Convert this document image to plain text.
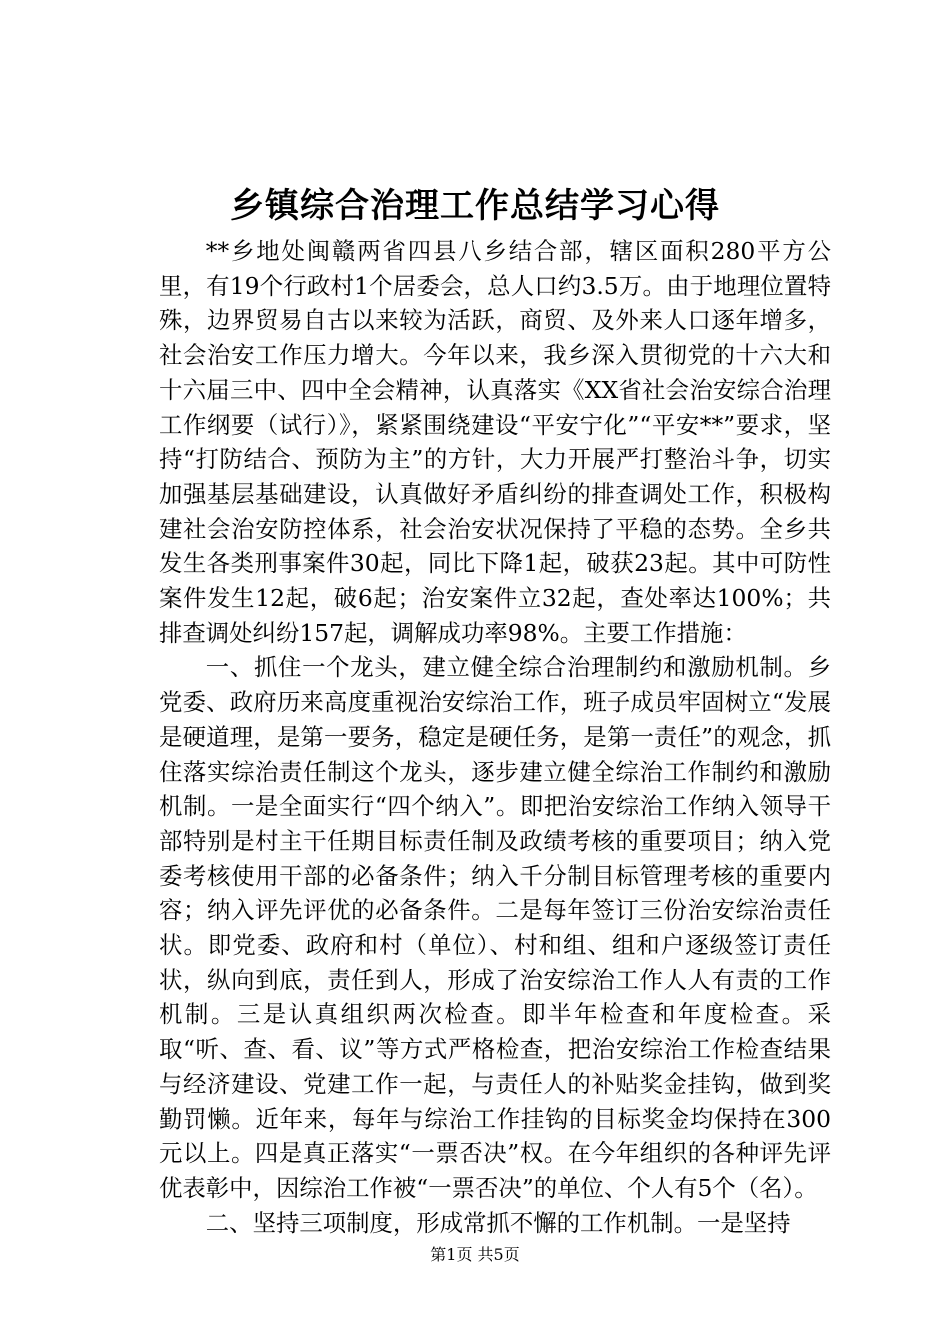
乡镇综合治理工作总结学习心得

**乡地处闽赣两省四县八乡结合部，辖区面积280平方公里，有19个行政村1个居委会，总人口约3.5万。由于地理位置特殊，边界贸易自古以来较为活跃，商贸、及外来人口逐年增多，社会治安工作压力增大。今年以来，我乡深入贯彻党的十六大和十六届三中、四中全会精神，认真落实《XX省社会治安综合治理工作纲要（试行）》，紧紧围绕建设“平安宁化”“平安**”要求，坚持“打防结合、预防为主”的方针，大力开展严打整治斗争，切实加强基层基础建设，认真做好矛盾纠纷的排查调处工作，积极构建社会治安防控体系，社会治安状况保持了平稳的态势。全乡共发生各类刑事案件30起，同比下降1起，破获23起。其中可防性案件发生12起，破6起；治安案件立32起，查处率达100%；共排查调处纠纷157起，调解成功率98%。主要工作措施：

一、抓住一个龙头，建立健全综合治理制约和激励机制。乡党委、政府历来高度重视治安综治工作，班子成员牢固树立“发展是硬道理，是第一要务，稳定是硬任务，是第一责任”的观念，抓住落实综治责任制这个龙头，逐步建立健全综治工作制约和激励机制。一是全面实行“四个纳入”。即把治安综治工作纳入领导干部特别是村主干任期目标责任制及政绩考核的重要项目；纳入党委考核使用干部的必备条件；纳入千分制目标管理考核的重要内容；纳入评先评优的必备条件。二是每年签订三份治安综治责任状。即党委、政府和村（单位）、村和组、组和户逐级签订责任状，纵向到底，责任到人，形成了治安综治工作人人有责的工作机制。三是认真组织两次检查。即半年检查和年度检查。采取“听、查、看、议”等方式严格检查，把治安综治工作检查结果与经济建设、党建工作一起，与责任人的补贴奖金挂钩，做到奖勤罚懒。近年来，每年与综治工作挂钩的目标奖金均保持在300元以上。四是真正落实“一票否决”权。在今年组织的各种评先评优表彰中，因综治工作被“一票否决”的单位、个人有5个（名）。

二、坚持三项制度，形成常抓不懈的工作机制。一是坚持

第1页 共5页
